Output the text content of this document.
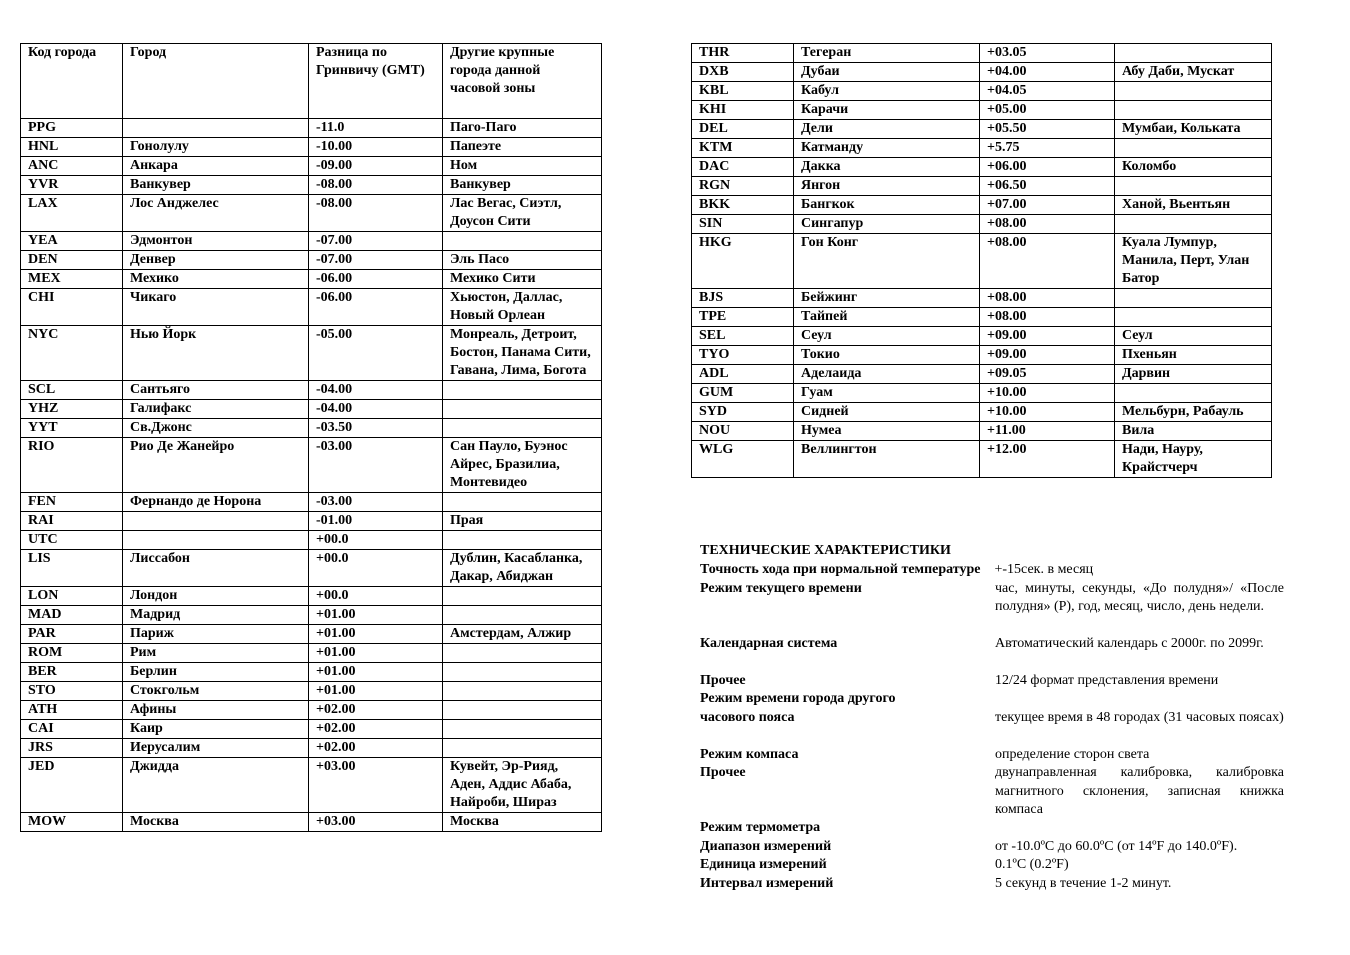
Код города	Город	Разница по Гринвичу (GMT)	Другие крупные города данной часовой зоны
PPG		-11.0	Паго-Паго
HNL	Гонолулу	-10.00	Папеэте
ANC	Анкара	-09.00	Ном
YVR	Ванкувер	-08.00	Ванкувер
LAX	Лос Анджелес	-08.00	Лас Вегас, Сиэтл, Доусон Сити
YEA	Эдмонтон	-07.00	
DEN	Денвер	-07.00	Эль Пасо
MEX	Мехико	-06.00	Мехико Сити
CHI	Чикаго	-06.00	Хьюстон, Даллас, Новый Орлеан
NYC	Нью Йорк	-05.00	Монреаль, Детроит, Бостон, Панама Сити, Гавана, Лима, Богота
SCL	Сантьяго	-04.00	
YHZ	Галифакс	-04.00	
YYT	Св.Джонс	-03.50	
RIO	Рио Де Жанейро	-03.00	Сан Пауло, Буэнос Айрес, Бразилиа, Монтевидео
FEN	Фернандо де Норона	-03.00	
RAI		-01.00	Прая
UTC		+00.0	
LIS	Лиссабон	+00.0	Дублин, Касабланка, Дакар, Абиджан
LON	Лондон	+00.0	
MAD	Мадрид	+01.00	
PAR	Париж	+01.00	Амстердам, Алжир
ROM	Рим	+01.00	
BER	Берлин	+01.00	
STO	Стокгольм	+01.00	
ATH	Афины	+02.00	
CAI	Каир	+02.00	
JRS	Иерусалим	+02.00	
JED	Джидда	+03.00	Кувейт, Эр-Рияд, Аден, Аддис Абаба, Найроби, Шираз
MOW	Москва	+03.00	Москва
THR	Тегеран	+03.05	
DXB	Дубаи	+04.00	Абу Даби, Мускат
KBL	Кабул	+04.05	
KHI	Карачи	+05.00	
DEL	Дели	+05.50	Мумбаи, Кольката
KTM	Катманду	+5.75	
DAC	Дакка	+06.00	Коломбо
RGN	Янгон	+06.50	
BKK	Бангкок	+07.00	Ханой, Вьентьян
SIN	Сингапур	+08.00	
HKG	Гон Конг	+08.00	Куала Лумпур, Манила, Перт, Улан Батор
BJS	Бейжинг	+08.00	
TPE	Тайпей	+08.00	
SEL	Сеул	+09.00	Сеул
TYO	Токио	+09.00	Пхеньян
ADL	Аделаида	+09.05	Дарвин
GUM	Гуам	+10.00	
SYD	Сидней	+10.00	Мельбурн, Рабауль
NOU	Нумеа	+11.00	Вила
WLG	Веллингтон	+12.00	Нади, Науру, Крайстчерч
ТЕХНИЧЕСКИЕ ХАРАКТЕРИСТИКИ
Точность хода при нормальной температуре +-15сек. в месяц
Режим текущего времени	час, минуты, секунды, «До полудня»/ «После полудня» (Р), год, месяц, число, день недели.
Календарная система	Автоматический календарь с 2000г. по 2099г.
Прочее	12/24 формат представления времени
Режим времени города другого
часового пояса	текущее время в 48 городах (31 часовых поясах)
Режим компаса	определение сторон света
Прочее	двунаправленная калибровка, калибровка магнитного склонения, записная книжка компаса
Режим термометра
Диапазон измерений	от -10.0ºC до 60.0ºC (от 14ºF до 140.0ºF).
Единица измерений	0.1ºC (0.2ºF)
Интервал измерений	5 секунд в течение 1-2 минут.
